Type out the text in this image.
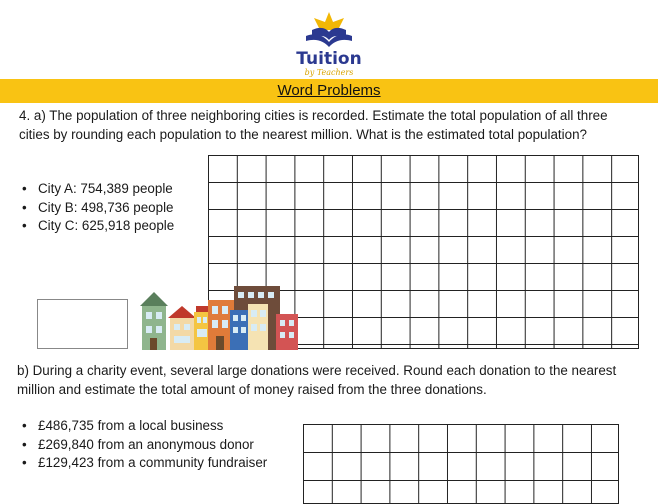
Tuition
by Teachers
Word Problems
4. a) The population of three neighboring cities is recorded. Estimate the total population of all three cities by rounding each population to the nearest million. What is the estimated total population?
• City A: 754,389 people
• City B: 498,736 people
• City C: 625,918 people
b) During a charity event, several large donations were received. Round each donation to the nearest million and estimate the total amount of money raised from the three donations.
• £486,735 from a local business
• £269,840 from an anonymous donor
• £129,423 from a community fundraiser
